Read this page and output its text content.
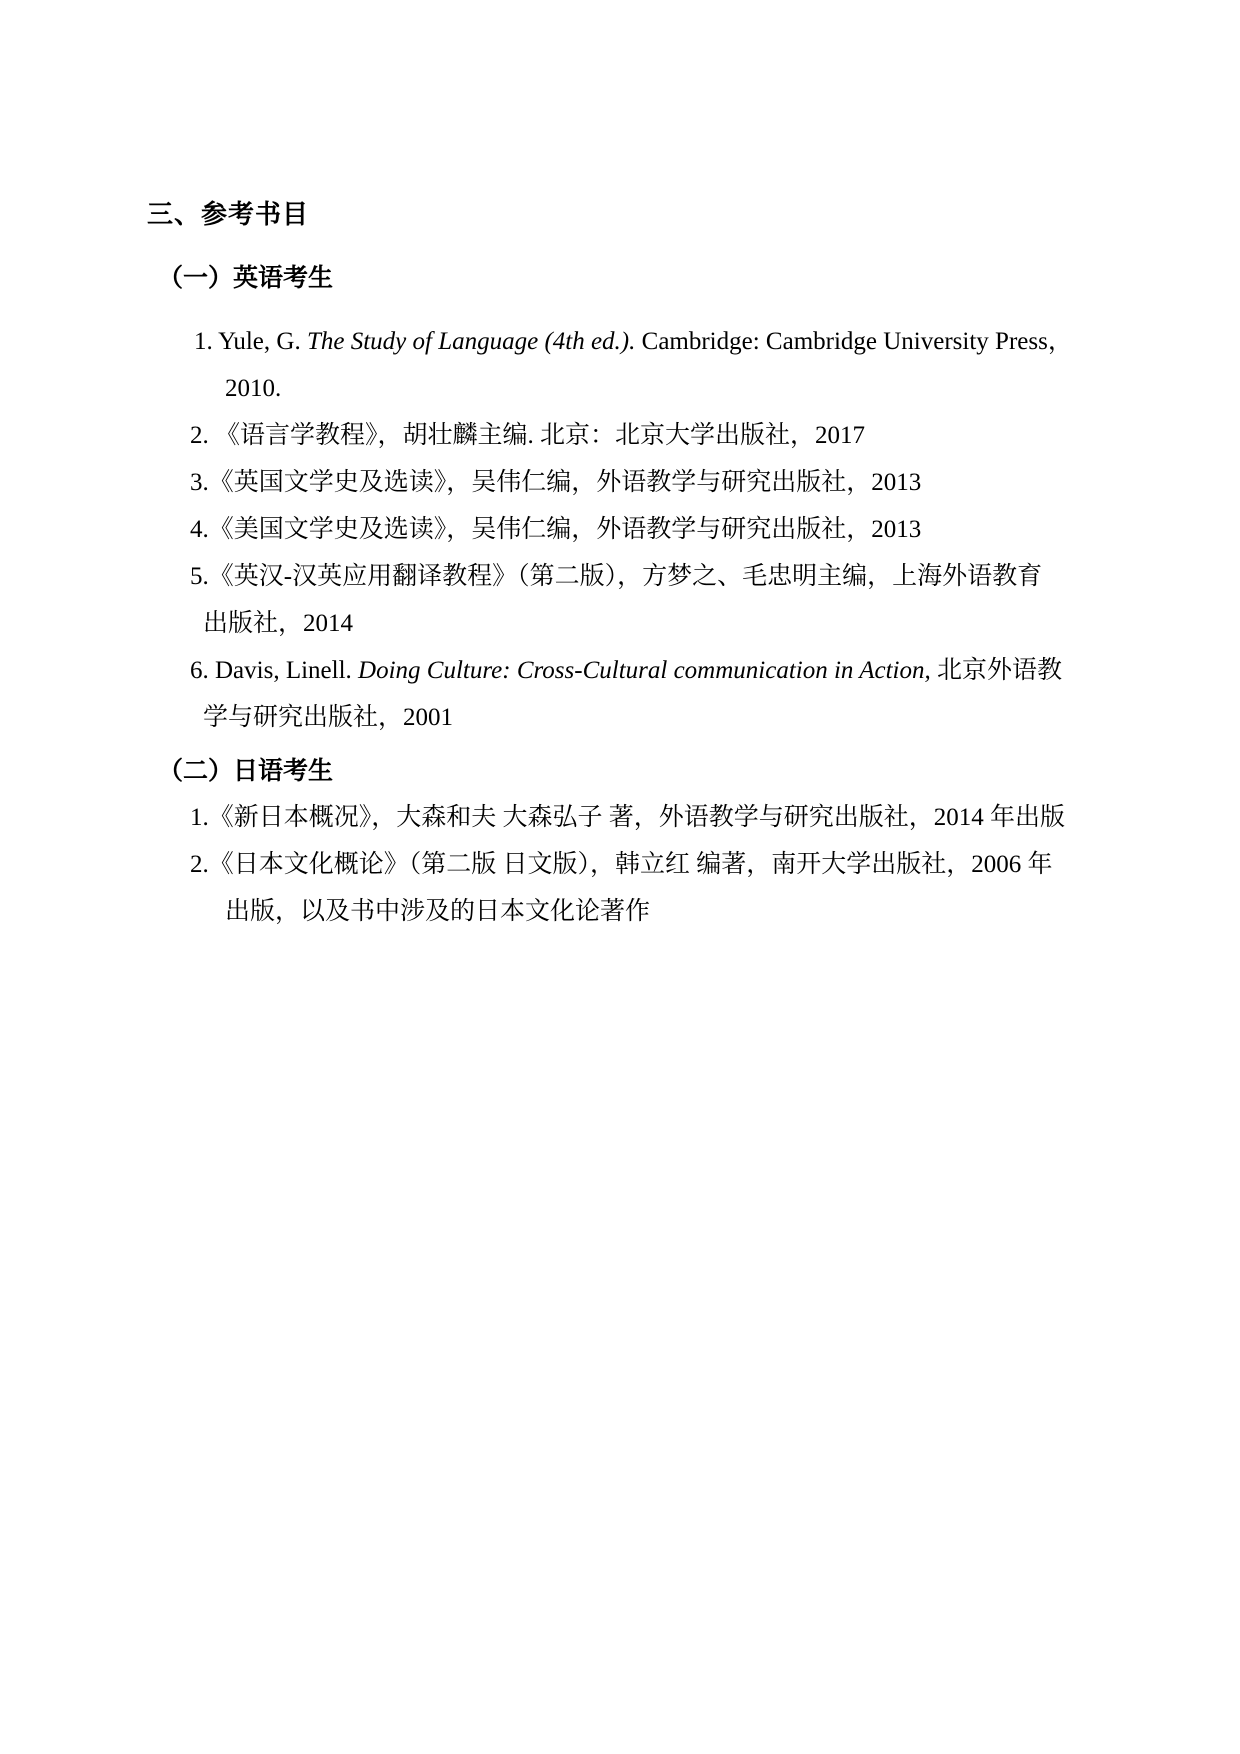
三、参考书目
（一）英语考生
1. Yule, G. The Study of Language (4th ed.). Cambridge: Cambridge University Press，
2010.
2. 《语言学教程》，胡壮麟主编. 北京：北京大学出版社，2017
3.《英国文学史及选读》，吴伟仁编，外语教学与研究出版社，2013
4.《美国文学史及选读》，吴伟仁编，外语教学与研究出版社，2013
5.《英汉-汉英应用翻译教程》（第二版），方梦之、毛忠明主编，上海外语教育
出版社，2014
6. Davis, Linell. Doing Culture: Cross-Cultural communication in Action, 北京外语教
学与研究出版社，2001
（二）日语考生
1.《新日本概况》，大森和夫 大森弘子 著，外语教学与研究出版社，2014 年出版
2.《日本文化概论》（第二版 日文版），韩立红 编著，南开大学出版社，2006 年
出版，以及书中涉及的日本文化论著作
